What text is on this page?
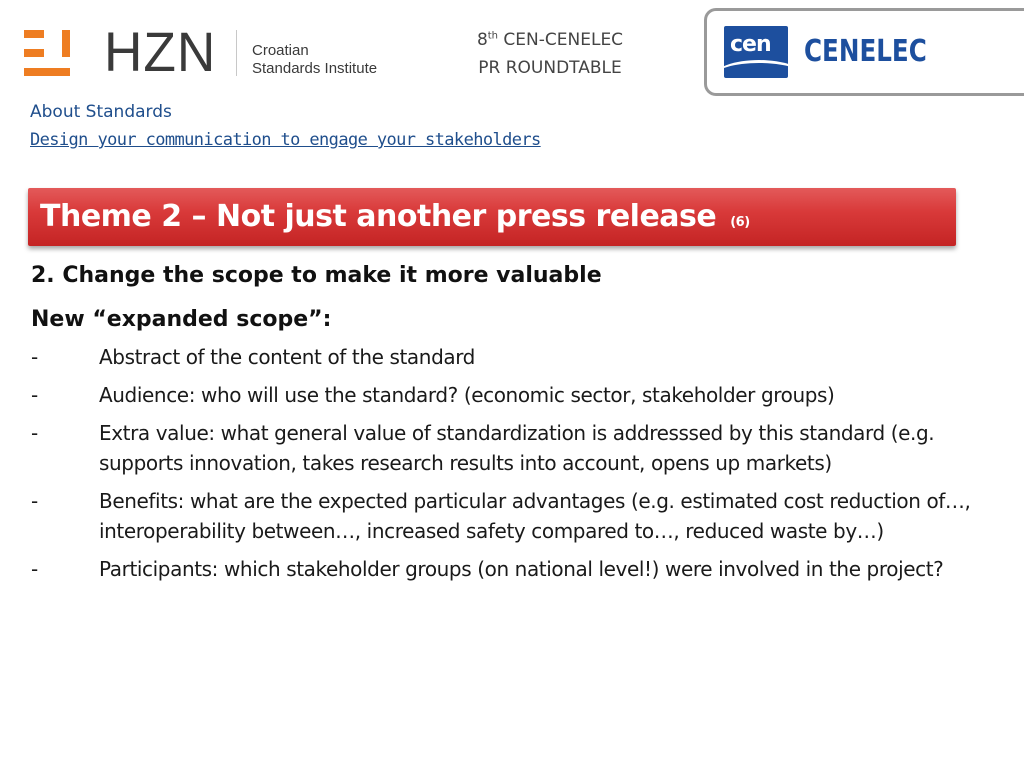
HZN Croatian
Standards Institute
8th CEN-CENELEC
PR ROUNDTABLE
cen CENELEC
About Standards
Design your communication to engage your stakeholders
Theme 2 – Not just another press release (6)

2. Change the scope to make it more valuable

New “expanded scope”:

-	Abstract of the content of the standard
-	Audience: who will use the standard? (economic sector, stakeholder groups)
-	Extra value: what general value of standardization is addresssed by this standard (e.g. supports innovation, takes research results into account, opens up markets)
-	Benefits: what are the expected particular advantages (e.g. estimated cost reduction of…, interoperability between…, increased safety compared to…, reduced waste by…)
-	Participants: which stakeholder groups (on national level!) were involved in the project?
